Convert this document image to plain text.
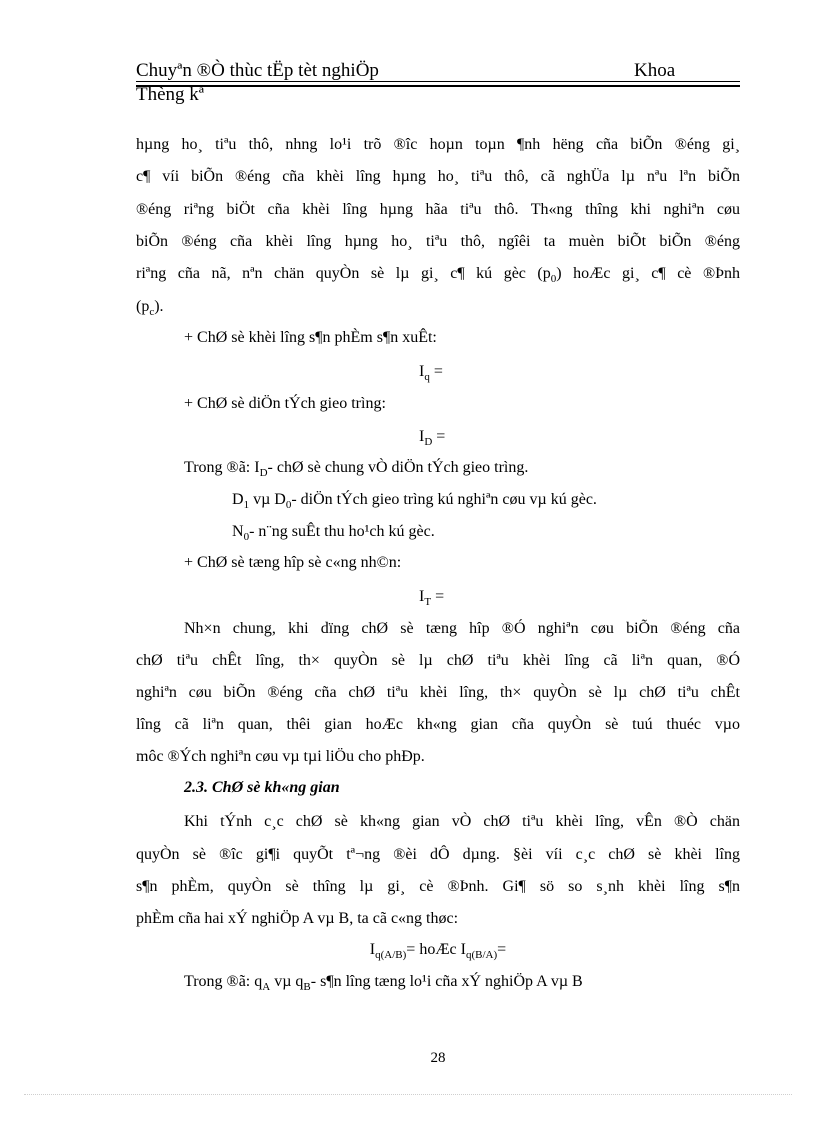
Chuyªn ®Ò thùc tËp tèt nghiÖp	Khoa
Thèng kª
hµng ho¸ tiªu thô, nhng lo¹i trõ ®îc hoµn toµn ¶nh hëng cña biÕn ®éng gi¸
c¶ víi biÕn ®éng cña khèi lîng hµng ho¸ tiªu thô, cã nghÜa lµ nªu lªn biÕn
®éng riªng biÖt cña khèi lîng hµng hãa tiªu thô. Th«ng thîng khi nghiªn cøu
biÕn ®éng cña khèi lîng hµng ho¸ tiªu thô, ngîêi ta muèn biÕt biÕn ®éng
riªng cña nã, nªn chän quyÒn sè lµ gi¸ c¶ kú gèc $(p_0)$ hoÆc gi¸ c¶ cè ®Þnh
$(p_c)$.
+ ChØ sè khèi lîng s¶n phÈm s¶n xuÊt:
$I_q$ =
+ ChØ sè diÖn tÝch gieo trìng:
$I_D$ =
Trong ®ã: $I_D-$ chØ sè chung vÒ diÖn tÝch gieo trìng.
$D_1$ vµ $D_0-$ diÖn tÝch gieo trìng kú nghiªn cøu vµ kú gèc.
$N_0-$ n¨ng suÊt thu ho¹ch kú gèc.
+ ChØ sè tæng hîp sè c«ng nh©n:
$I_T$ =
Nh×n chung, khi dïng chØ sè tæng hîp ®Ó nghiªn cøu biÕn ®éng cña
chØ tiªu chÊt lîng, th× quyÒn sè lµ chØ tiªu khèi lîng cã liªn quan, ®Ó
nghiªn cøu biÕn ®éng cña chØ tiªu khèi lîng, th× quyÒn sè lµ chØ tiªu chÊt
lîng cã liªn quan, thêi gian hoÆc kh«ng gian cña quyÒn sè tuú thuéc vµo
môc ®Ých nghiªn cøu vµ tµi liÖu cho phÐp.
2.3. ChØ sè kh«ng gian
Khi tÝnh c¸c chØ sè kh«ng gian vÒ chØ tiªu khèi lîng, vÊn ®Ò chän
quyÒn sè ®îc gi¶i quyÕt tª¬ng ®èi dÔ dµng. §èi víi c¸c chØ sè khèi lîng
s¶n phÈm, quyÒn sè thîng lµ gi¸ cè ®Þnh. Gi¶ sö so s¸nh khèi lîng s¶n
phÈm cña hai xÝ nghiÖp A vµ B, ta cã c«ng thøc:
$I_{q(A/B)}=$ hoÆc $I_{q(B/A)}=$
Trong ®ã: $q_A$ vµ $q_B-$ s¶n lîng tæng lo¹i cña xÝ nghiÖp A vµ B
28
